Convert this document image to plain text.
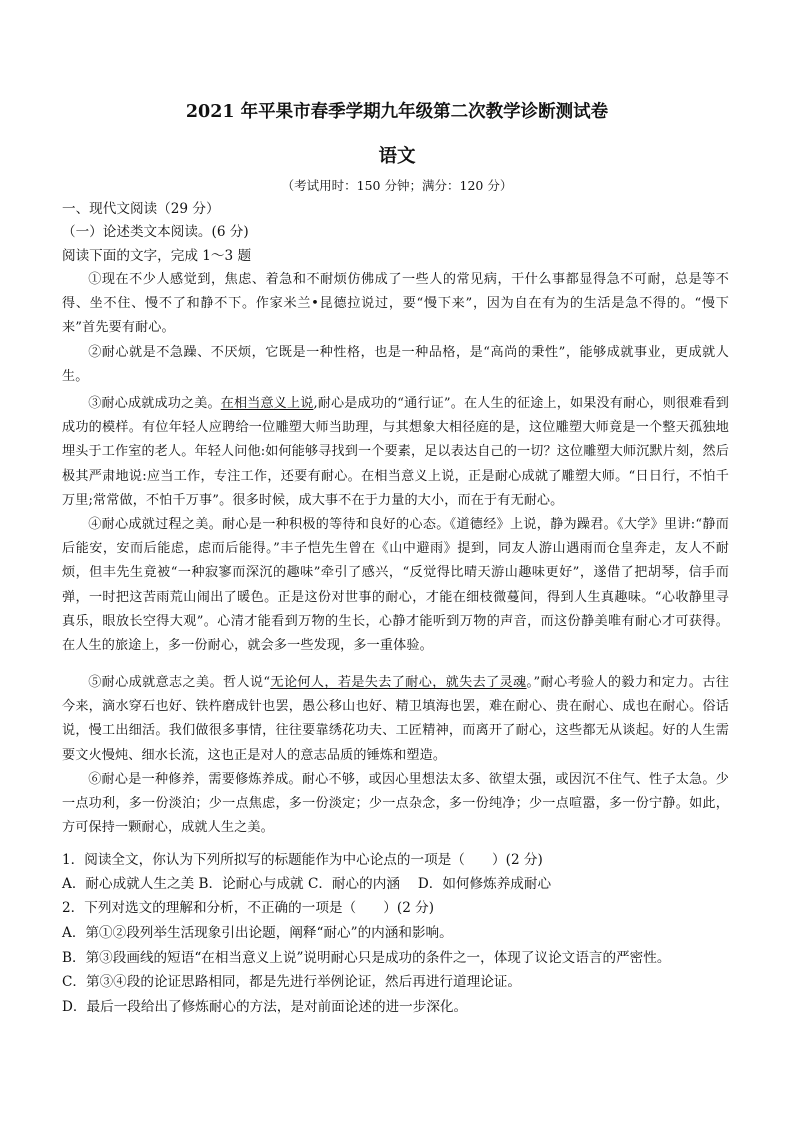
2021 年平果市春季学期九年级第二次教学诊断测试卷
语文
（考试用时：150 分钟；满分：120 分）
一、现代文阅读（29 分）
（一）论述类文本阅读。(6 分)
阅读下面的文字，完成 1～3 题

①现在不少人感觉到，焦虑、着急和不耐烦仿佛成了一些人的常见病，干什么事都显得急不可耐，总是等不得、坐不住、慢不了和静不下。作家米兰•昆德拉说过，要“慢下来”，因为自在有为的生活是急不得的。“慢下来”首先要有耐心。

②耐心就是不急躁、不厌烦，它既是一种性格，也是一种品格，是“高尚的秉性”，能够成就事业，更成就人生。

③耐心成就成功之美。在相当意义上说,耐心是成功的“通行证”。在人生的征途上，如果没有耐心，则很难看到成功的模样。有位年轻人应聘给一位雕塑大师当助理，与其想象大相径庭的是，这位雕塑大师竟是一个整天孤独地埋头于工作室的老人。年轻人问他:如何能够寻找到一个要素，足以表达自己的一切？这位雕塑大师沉默片刻，然后极其严肃地说:应当工作，专注工作，还要有耐心。在相当意义上说，正是耐心成就了雕塑大师。“日日行，不怕千万里;常常做，不怕千万事”。很多时候，成大事不在于力量的大小，而在于有无耐心。

④耐心成就过程之美。耐心是一种积极的等待和良好的心态。《道德经》上说，静为躁君。《大学》里讲:“静而后能安，安而后能虑，虑而后能得。”丰子恺先生曾在《山中避雨》提到，同友人游山遇雨而仓皇奔走，友人不耐烦，但丰先生竟被“一种寂寥而深沉的趣味”牵引了感兴，“反觉得比晴天游山趣味更好”，遂借了把胡琴，信手而弹，一时把这苦雨荒山闹出了暖色。正是这份对世事的耐心，才能在细枝微蔓间，得到人生真趣味。“心收静里寻真乐，眼放长空得大观”。心清才能看到万物的生长，心静才能听到万物的声音，而这份静美唯有耐心才可获得。在人生的旅途上，多一份耐心，就会多一些发现，多一重体验。

⑤耐心成就意志之美。哲人说“无论何人，若是失去了耐心，就失去了灵魂。”耐心考验人的毅力和定力。古往今来，滴水穿石也好、铁杵磨成针也罢，愚公移山也好、精卫填海也罢，难在耐心、贵在耐心、成也在耐心。俗话说，慢工出细活。我们做很多事情，往往要靠绣花功夫、工匠精神，而离开了耐心，这些都无从谈起。好的人生需要文火慢炖、细水长流，这也正是对人的意志品质的锤炼和塑造。

⑥耐心是一种修养，需要修炼养成。耐心不够，或因心里想法太多、欲望太强，或因沉不住气、性子太急。少一点功利，多一份淡泊；少一点焦虑，多一份淡定；少一点杂念，多一份纯净；少一点喧嚣，多一份宁静。如此，方可保持一颗耐心，成就人生之美。

1．阅读全文，你认为下列所拟写的标题能作为中心论点的一项是（　　）(2 分)
A．耐心成就人生之美 B．论耐心与成就 C．耐心的内涵　 D．如何修炼养成耐心
2．下列对选文的理解和分析，不正确的一项是（　　）(2 分)
A．第①②段列举生活现象引出论题，阐释“耐心”的内涵和影响。
B．第③段画线的短语“在相当意义上说”说明耐心只是成功的条件之一，体现了议论文语言的严密性。
C．第③④段的论证思路相同，都是先进行举例论证，然后再进行道理论证。
D．最后一段给出了修炼耐心的方法，是对前面论述的进一步深化。
